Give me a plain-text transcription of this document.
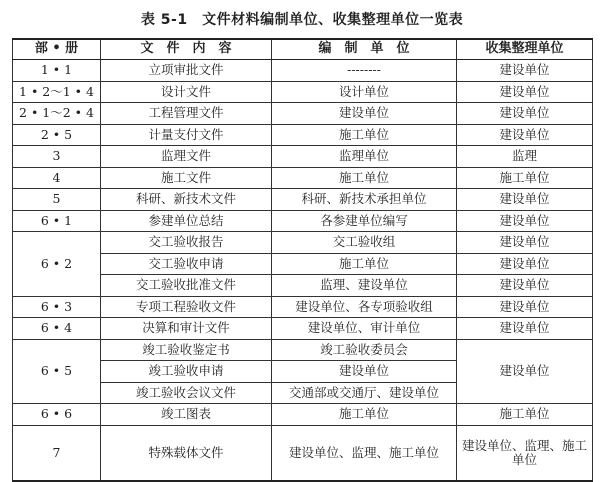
表 5-1　文件材料编制单位、收集整理单位一览表
部 • 册	文　件　内　容	编　制　单　位	收集整理单位
1 • 1	立项审批文件	--------	建设单位
1 • 2～1 • 4	设计文件	设计单位	建设单位
2 • 1～2 • 4	工程管理文件	建设单位	建设单位
2 • 5	计量支付文件	施工单位	建设单位
3	监理文件	监理单位	监理
4	施工文件	施工单位	施工单位
5	科研、新技术文件	科研、新技术承担单位	建设单位
6 • 1	参建单位总结	各参建单位编写	建设单位
6 • 2	交工验收报告	交工验收组	建设单位
	交工验收申请	施工单位	建设单位
	交工验收批准文件	监理、建设单位	建设单位
6 • 3	专项工程验收文件	建设单位、各专项验收组	建设单位
6 • 4	决算和审计文件	建设单位、审计单位	建设单位
6 • 5	竣工验收鉴定书	竣工验收委员会	建设单位
	竣工验收申请	建设单位	
	竣工验收会议文件	交通部或交通厅、建设单位	
6 • 6	竣工图表	施工单位	施工单位
7	特殊载体文件	建设单位、监理、施工单位	建设单位、监理、施工单位
